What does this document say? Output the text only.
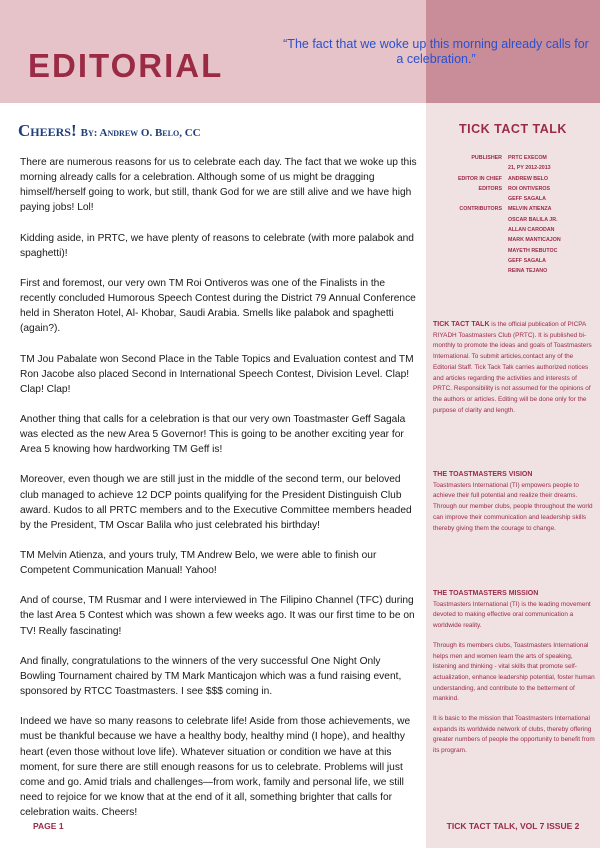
EDITORIAL
“The fact that we woke up this morning already calls for a celebration.”
TICK TACT TALK
PUBLISHER	PRTC EXECOM
21, PY 2012-2013
EDITOR IN CHIEF	ANDREW BELO
EDITORS	ROI ONTIVEROS
GEFF SAGALA
CONTRIBUTORS	MELVIN ATIENZA
OSCAR BALILA JR.
ALLAN CARODAN
MARK MANTICAJON
MAYETH REBUTOC
GEFF SAGALA
REINA TEJANO
TICK TACT TALK is the official publication of PICPA RIYADH Toastmasters Club (PRTC). It is published bi-monthly to promote the ideas and goals of Toastmasters International. To submit articles,contact any of the Editorial Staff. Tick Tack Talk carries authorized notices and articles regarding the activities and interests of PRTC. Responsibility is not assumed for the opinions of the authors or articles. Editing will be done only for the purpose of clarity and length.
THE TOASTMASTERS VISION
Toastmasters International (TI) empowers people to achieve their full potential and realize their dreams. Through our member clubs, people throughout the world can improve their communication and leadership skills thereby giving them the courage to change.
THE TOASTMASTERS MISSION
Toastmasters International (TI) is the leading movement devoted to making effective oral communication a worldwide reality.
Through its members clubs, Toastmasters International helps men and women learn the arts of speaking, listening and thinking - vital skills that promote self-actualization, enhance leadership potential, foster human understanding, and contribute to the betterment of mankind.
It is basic to the mission that Toastmasters International expands its worldwide network of clubs, thereby offering greater numbers of people the opportunity to benefit from its program.
Cheers! By: Andrew O. Belo, CC

There are numerous reasons for us to celebrate each day. The fact that we woke up this morning already calls for a celebration. Although some of us might be dragging himself/herself going to work, but still, thank God for we are still alive and we have high paying jobs! Lol!

Kidding aside, in PRTC, we have plenty of reasons to celebrate (with more palabok and spaghetti)!

First and foremost, our very own TM Roi Ontiveros was one of the Finalists in the recently concluded Humorous Speech Contest during the District 79 Annual Conference held in Sheraton Hotel, Al- Khobar, Saudi Arabia. Smells like palabok and spaghetti (again?).

TM Jou Pabalate won Second Place in the Table Topics and Evaluation contest and TM Ron Jacobe also placed Second in International Speech Contest, Division Level. Clap! Clap! Clap!

Another thing that calls for a celebration is that our very own Toastmaster Geff Sagala was elected as the new Area 5 Governor! This is going to be another exciting year for Area 5 knowing how hardworking TM Geff is!

Moreover, even though we are still just in the middle of the second term, our beloved club managed to achieve 12 DCP points qualifying for the President Distinguish Club award. Kudos to all PRTC members and to the Executive Committee members headed by the President, TM Oscar Balila who just celebrated his birthday!

TM Melvin Atienza, and yours truly, TM Andrew Belo, we were able to finish our Competent Communication Manual! Yahoo!

And of course, TM Rusmar and I were interviewed in The Filipino Channel (TFC) during the last Area 5 Contest which was shown a few weeks ago. It was our first time to be on TV! Really fascinating!

And finally, congratulations to the winners of the very successful One Night Only Bowling Tournament chaired by TM Mark Manticajon which was a fund raising event, sponsored by RTCC Toastmasters. I see $$$ coming in.

Indeed we have so many reasons to celebrate life! Aside from those achievements, we must be thankful because we have a healthy body, healthy mind (I hope), and healthy heart (even those without love life). Whatever situation or condition we have at this moment, for sure there are still enough reasons for us to celebrate. Problems will just come and go. Amid trials and challenges—from work, family and personal life, we still need to rejoice for we know that at the end of it all, something brighter that calls for celebration waits. Cheers!

PAGE 1	TICK TACT TALK, VOL 7 ISSUE 2
